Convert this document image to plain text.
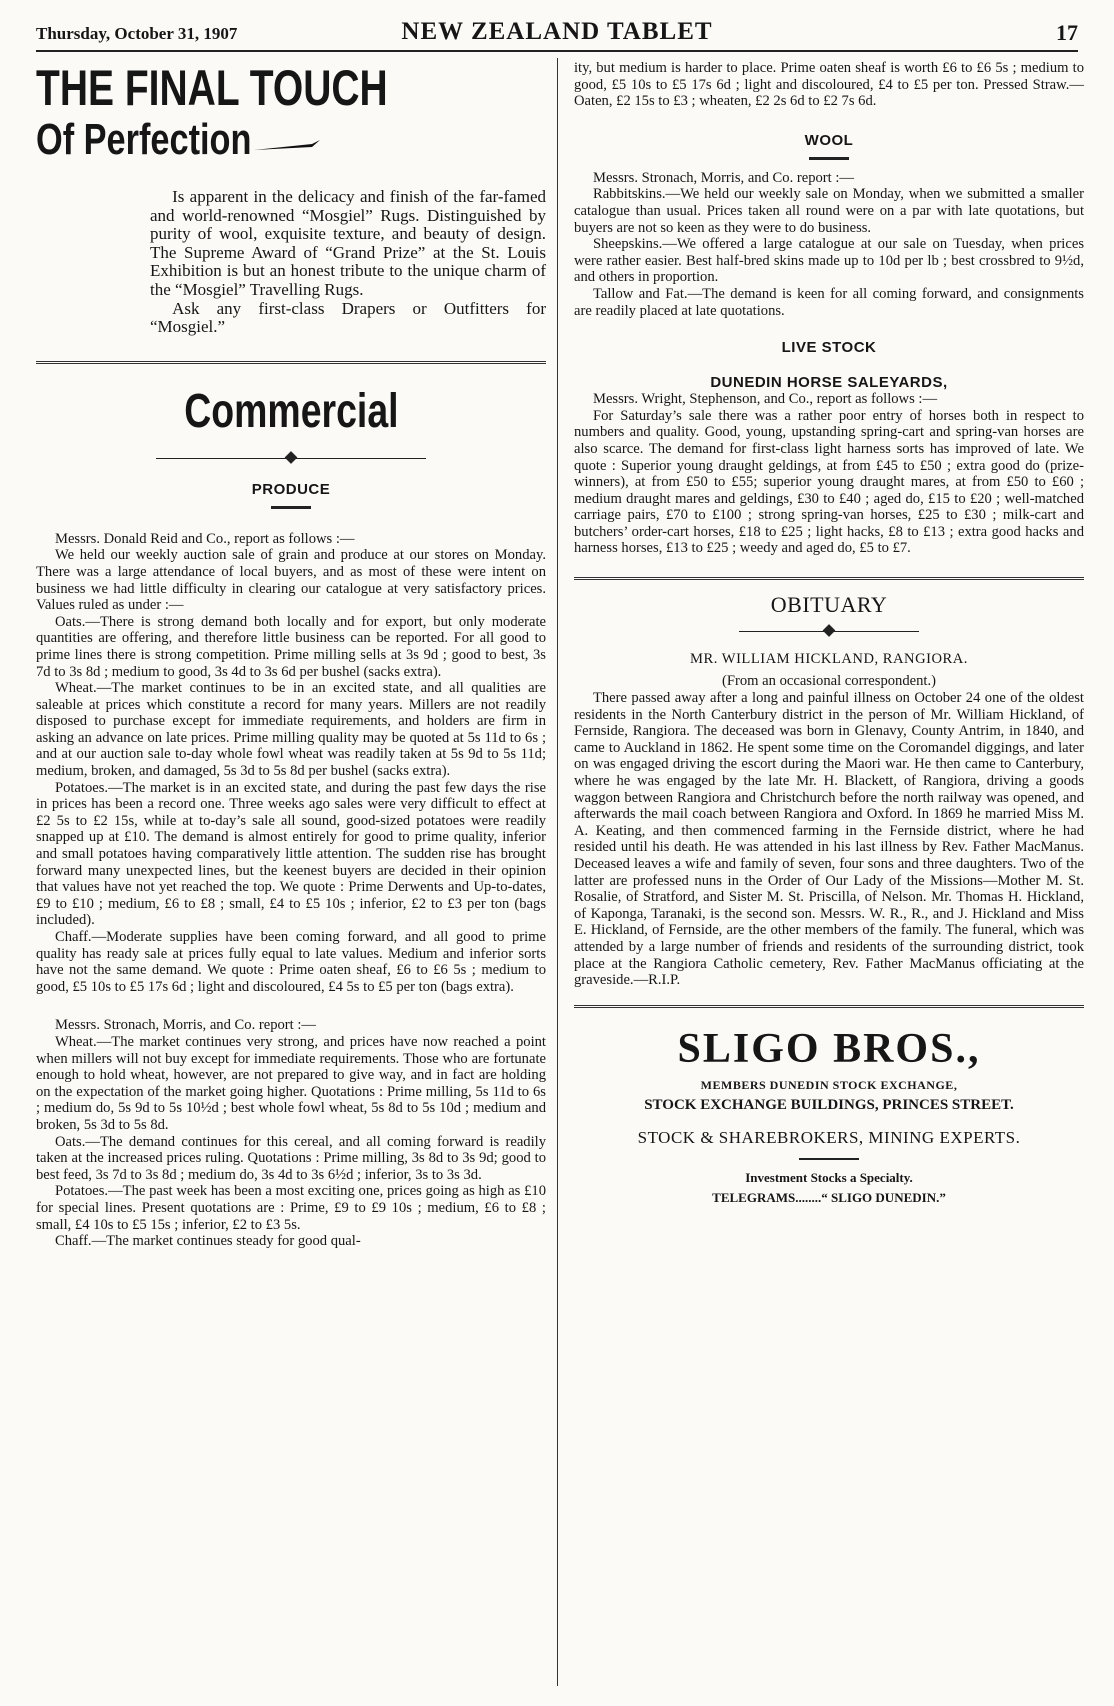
Thursday, October 31, 1907	NEW ZEALAND TABLET	17
THE FINAL TOUCH
Of Perfection

Is apparent in the delicacy and finish of the far-famed and world-renowned “Mosgiel” Rugs. Distinguished by purity of wool, exquisite texture, and beauty of design. The Supreme Award of “Grand Prize” at the St. Louis Exhibition is but an honest tribute to the unique charm of the “Mosgiel” Travelling Rugs.

Ask any first-class Drapers or Outfitters for “Mosgiel.”

Commercial
PRODUCE

Messrs. Donald Reid and Co., report as follows :—

We held our weekly auction sale of grain and produce at our stores on Monday. There was a large attendance of local buyers, and as most of these were intent on business we had little difficulty in clearing our catalogue at very satisfactory prices. Values ruled as under :—

Oats.—There is strong demand both locally and for export, but only moderate quantities are offering, and therefore little business can be reported. For all good to prime lines there is strong competition. Prime milling sells at 3s 9d ; good to best, 3s 7d to 3s 8d ; medium to good, 3s 4d to 3s 6d per bushel (sacks extra).

Wheat.—The market continues to be in an excited state, and all qualities are saleable at prices which constitute a record for many years. Millers are not readily disposed to purchase except for immediate requirements, and holders are firm in asking an advance on late prices. Prime milling quality may be quoted at 5s 11d to 6s ; and at our auction sale to-day whole fowl wheat was readily taken at 5s 9d to 5s 11d; medium, broken, and damaged, 5s 3d to 5s 8d per bushel (sacks extra).

Potatoes.—The market is in an excited state, and during the past few days the rise in prices has been a record one. Three weeks ago sales were very difficult to effect at £2 5s to £2 15s, while at to-day’s sale all sound, good-sized potatoes were readily snapped up at £10. The demand is almost entirely for good to prime quality, inferior and small potatoes having comparatively little attention. The sudden rise has brought forward many unexpected lines, but the keenest buyers are decided in their opinion that values have not yet reached the top. We quote : Prime Derwents and Up-to-dates, £9 to £10 ; medium, £6 to £8 ; small, £4 to £5 10s ; inferior, £2 to £3 per ton (bags included).

Chaff.—Moderate supplies have been coming forward, and all good to prime quality has ready sale at prices fully equal to late values. Medium and inferior sorts have not the same demand. We quote : Prime oaten sheaf, £6 to £6 5s ; medium to good, £5 10s to £5 17s 6d ; light and discoloured, £4 5s to £5 per ton (bags extra).

Messrs. Stronach, Morris, and Co. report :—

Wheat.—The market continues very strong, and prices have now reached a point when millers will not buy except for immediate requirements. Those who are fortunate enough to hold wheat, however, are not prepared to give way, and in fact are holding on the expectation of the market going higher. Quotations : Prime milling, 5s 11d to 6s ; medium do, 5s 9d to 5s 10½d ; best whole fowl wheat, 5s 8d to 5s 10d ; medium and broken, 5s 3d to 5s 8d.

Oats.—The demand continues for this cereal, and all coming forward is readily taken at the increased prices ruling. Quotations : Prime milling, 3s 8d to 3s 9d; good to best feed, 3s 7d to 3s 8d ; medium do, 3s 4d to 3s 6½d ; inferior, 3s to 3s 3d.

Potatoes.—The past week has been a most exciting one, prices going as high as £10 for special lines. Present quotations are : Prime, £9 to £9 10s ; medium, £6 to £8 ; small, £4 10s to £5 15s ; inferior, £2 to £3 5s.

Chaff.—The market continues steady for good qual-

ity, but medium is harder to place. Prime oaten sheaf is worth £6 to £6 5s ; medium to good, £5 10s to £5 17s 6d ; light and discoloured, £4 to £5 per ton. Pressed Straw.—Oaten, £2 15s to £3 ; wheaten, £2 2s 6d to £2 7s 6d.

WOOL

Messrs. Stronach, Morris, and Co. report :—

Rabbitskins.—We held our weekly sale on Monday, when we submitted a smaller catalogue than usual. Prices taken all round were on a par with late quotations, but buyers are not so keen as they were to do business.

Sheepskins.—We offered a large catalogue at our sale on Tuesday, when prices were rather easier. Best half-bred skins made up to 10d per lb ; best crossbred to 9½d, and others in proportion.

Tallow and Fat.—The demand is keen for all coming forward, and consignments are readily placed at late quotations.

LIVE STOCK
DUNEDIN HORSE SALEYARDS,

Messrs. Wright, Stephenson, and Co., report as follows :—

For Saturday’s sale there was a rather poor entry of horses both in respect to numbers and quality. Good, young, upstanding spring-cart and spring-van horses are also scarce. The demand for first-class light harness sorts has improved of late. We quote : Superior young draught geldings, at from £45 to £50 ; extra good do (prize-winners), at from £50 to £55; superior young draught mares, at from £50 to £60 ; medium draught mares and geldings, £30 to £40 ; aged do, £15 to £20 ; well-matched carriage pairs, £70 to £100 ; strong spring-van horses, £25 to £30 ; milk-cart and butchers’ order-cart horses, £18 to £25 ; light hacks, £8 to £13 ; extra good hacks and harness horses, £13 to £25 ; weedy and aged do, £5 to £7.

OBITUARY
MR. WILLIAM HICKLAND, RANGIORA.
(From an occasional correspondent.)

There passed away after a long and painful illness on October 24 one of the oldest residents in the North Canterbury district in the person of Mr. William Hickland, of Fernside, Rangiora. The deceased was born in Glenavy, County Antrim, in 1840, and came to Auckland in 1862. He spent some time on the Coromandel diggings, and later on was engaged driving the escort during the Maori war. He then came to Canterbury, where he was engaged by the late Mr. H. Blackett, of Rangiora, driving a goods waggon between Rangiora and Christchurch before the north railway was opened, and afterwards the mail coach between Rangiora and Oxford. In 1869 he married Miss M. A. Keating, and then commenced farming in the Fernside district, where he had resided until his death. He was attended in his last illness by Rev. Father MacManus. Deceased leaves a wife and family of seven, four sons and three daughters. Two of the latter are professed nuns in the Order of Our Lady of the Missions—Mother M. St. Rosalie, of Stratford, and Sister M. St. Priscilla, of Nelson. Mr. Thomas H. Hickland, of Kaponga, Taranaki, is the second son. Messrs. W. R., R., and J. Hickland and Miss E. Hickland, of Fernside, are the other members of the family. The funeral, which was attended by a large number of friends and residents of the surrounding district, took place at the Rangiora Catholic cemetery, Rev. Father MacManus officiating at the graveside.—R.I.P.

SLIGO BROS.,
MEMBERS DUNEDIN STOCK EXCHANGE,
STOCK EXCHANGE BUILDINGS, PRINCES STREET.
STOCK & SHAREBROKERS, MINING EXPERTS.
Investment Stocks a Specialty.
TELEGRAMS........“ SLIGO DUNEDIN.”
